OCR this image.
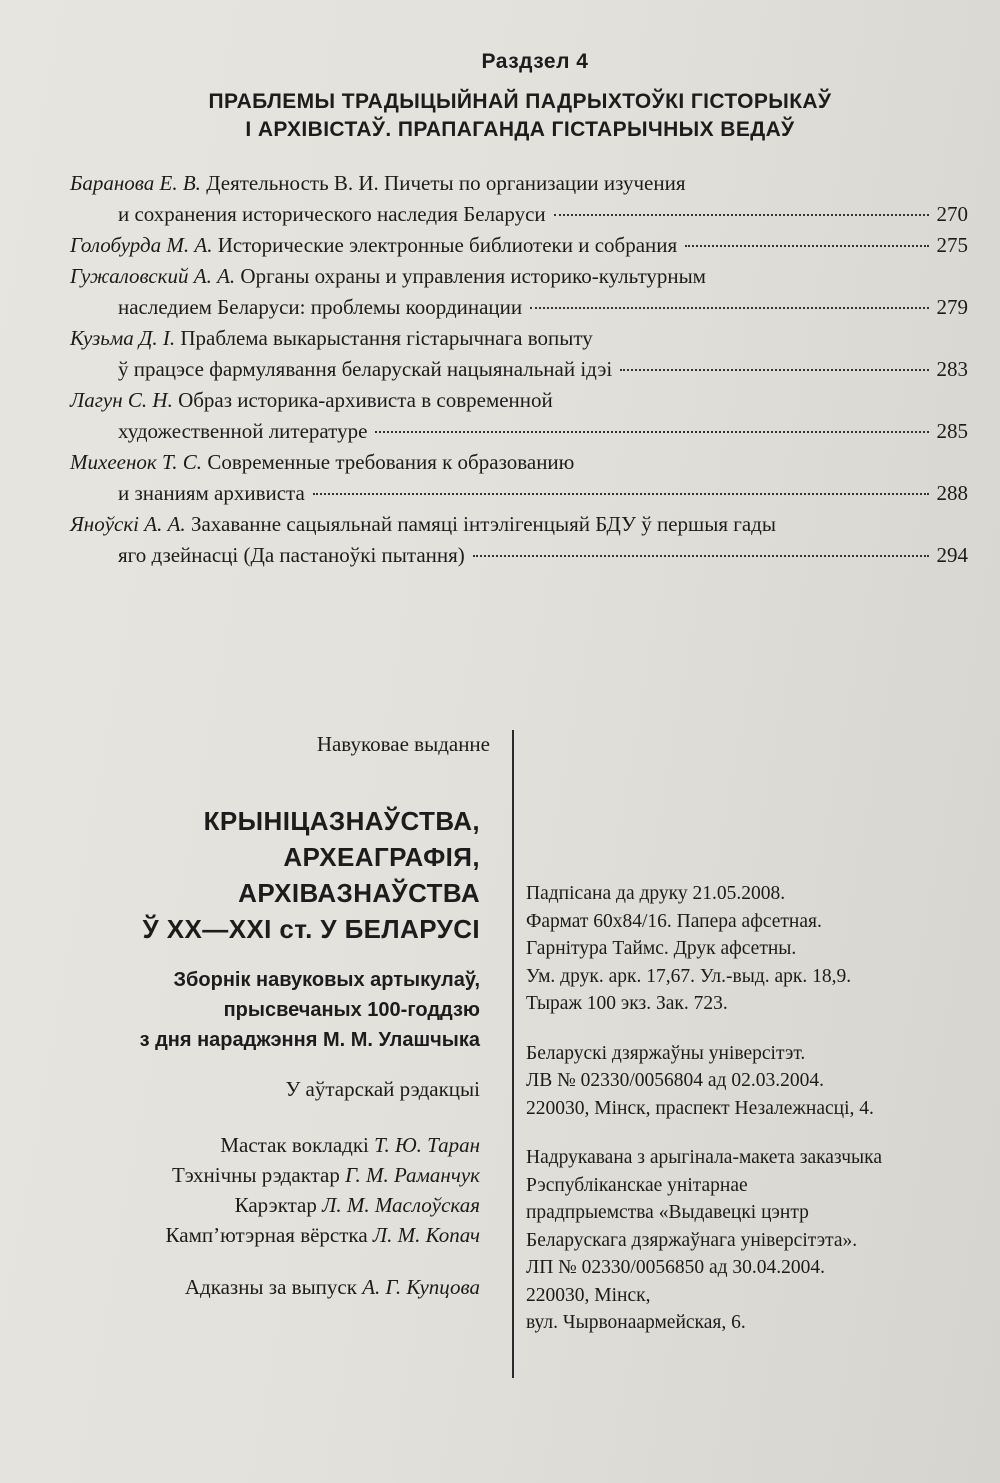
Раздзел 4
ПРАБЛЕМЫ ТРАДЫЦЫЙНАЙ ПАДРЫХТОЎКІ ГІСТОРЫКАЎ
І АРХІВІСТАЎ. ПРАПАГАНДА ГІСТАРЫЧНЫХ ВЕДАЎ
Баранова Е. В. Деятельность В. И. Пичеты по организации изучения
и сохранения исторического наследия Беларуси	270
Голобурда М. А. Исторические электронные библиотеки и собрания	275
Гужаловский А. А. Органы охраны и управления историко-культурным
наследием Беларуси: проблемы координации	279
Кузьма Д. І. Праблема выкарыстання гістарычнага вопыту
ў працэсе фармулявання беларускай нацыянальнай ідэі	283
Лагун С. Н. Образ историка-архивиста в современной
художественной литературе	285
Михеенок Т. С. Современные требования к образованию
и знаниям архивиста	288
Яноўскі А. А. Захаванне сацыяльнай памяці інтэлігенцыяй БДУ ў першыя гады
яго дзейнасці (Да пастаноўкі пытання)	294
Навуковае выданне
КРЫНІЦАЗНАЎСТВА,
АРХЕАГРАФІЯ,
АРХІВАЗНАЎСТВА
Ў XX—XXI ст. У БЕЛАРУСІ
Зборнік навуковых артыкулаў,
прысвечаных 100-годдзю
з дня нараджэння М. М. Улашчыка
У аўтарскай рэдакцыі
Мастак вокладкі Т. Ю. Таран
Тэхнічны рэдактар Г. М. Раманчук
Карэктар Л. М. Маслоўская
Камп’ютэрная вёрстка Л. М. Копач
Адказны за выпуск А. Г. Купцова
Падпісана да друку 21.05.2008.
Фармат 60х84/16. Папера афсетная.
Гарнітура Таймс. Друк афсетны.
Ум. друк. арк. 17,67. Ул.-выд. арк. 18,9.
Тыраж 100 экз. Зак. 723.
Беларускі дзяржаўны універсітэт.
ЛВ № 02330/0056804 ад 02.03.2004.
220030, Мінск, праспект Незалежнасці, 4.
Надрукавана з арыгінала-макета заказчыка
Рэспубліканскае унітарнае
прадпрыемства «Выдавецкі цэнтр
Беларускага дзяржаўнага універсітэта».
ЛП № 02330/0056850 ад 30.04.2004.
220030, Мінск,
вул. Чырвонаармейская, 6.
